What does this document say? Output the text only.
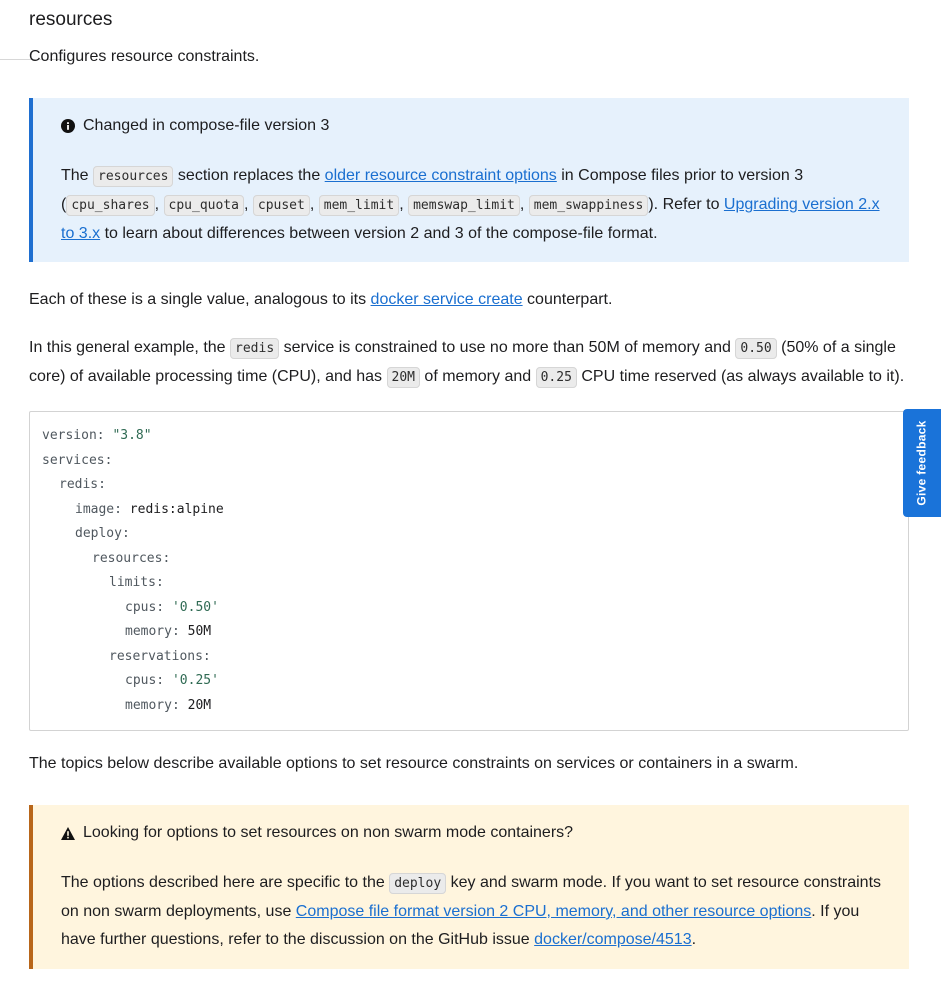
resources

Configures resource constraints.

Changed in compose-file version 3

The resources section replaces the older resource constraint options in Compose files prior to version 3 ( cpu_shares , cpu_quota , cpuset , mem_limit , memswap_limit , mem_swappiness ). Refer to Upgrading version 2.x to 3.x to learn about differences between version 2 and 3 of the compose-file format.

Each of these is a single value, analogous to its docker service create counterpart.

In this general example, the redis service is constrained to use no more than 50M of memory and 0.50 (50% of a single core) of available processing time (CPU), and has 20M of memory and 0.25 CPU time reserved (as always available to it).

version: "3.8"
services:
redis:
image: redis:alpine
deploy:
resources:
limits:
cpus: '0.50'
memory: 50M
reservations:
cpus: '0.25'
memory: 20M

The topics below describe available options to set resource constraints on services or containers in a swarm.

Looking for options to set resources on non swarm mode containers?

The options described here are specific to the deploy key and swarm mode. If you want to set resource constraints on non swarm deployments, use Compose file format version 2 CPU, memory, and other resource options. If you have further questions, refer to the discussion on the GitHub issue docker/compose/4513.

Give feedback
